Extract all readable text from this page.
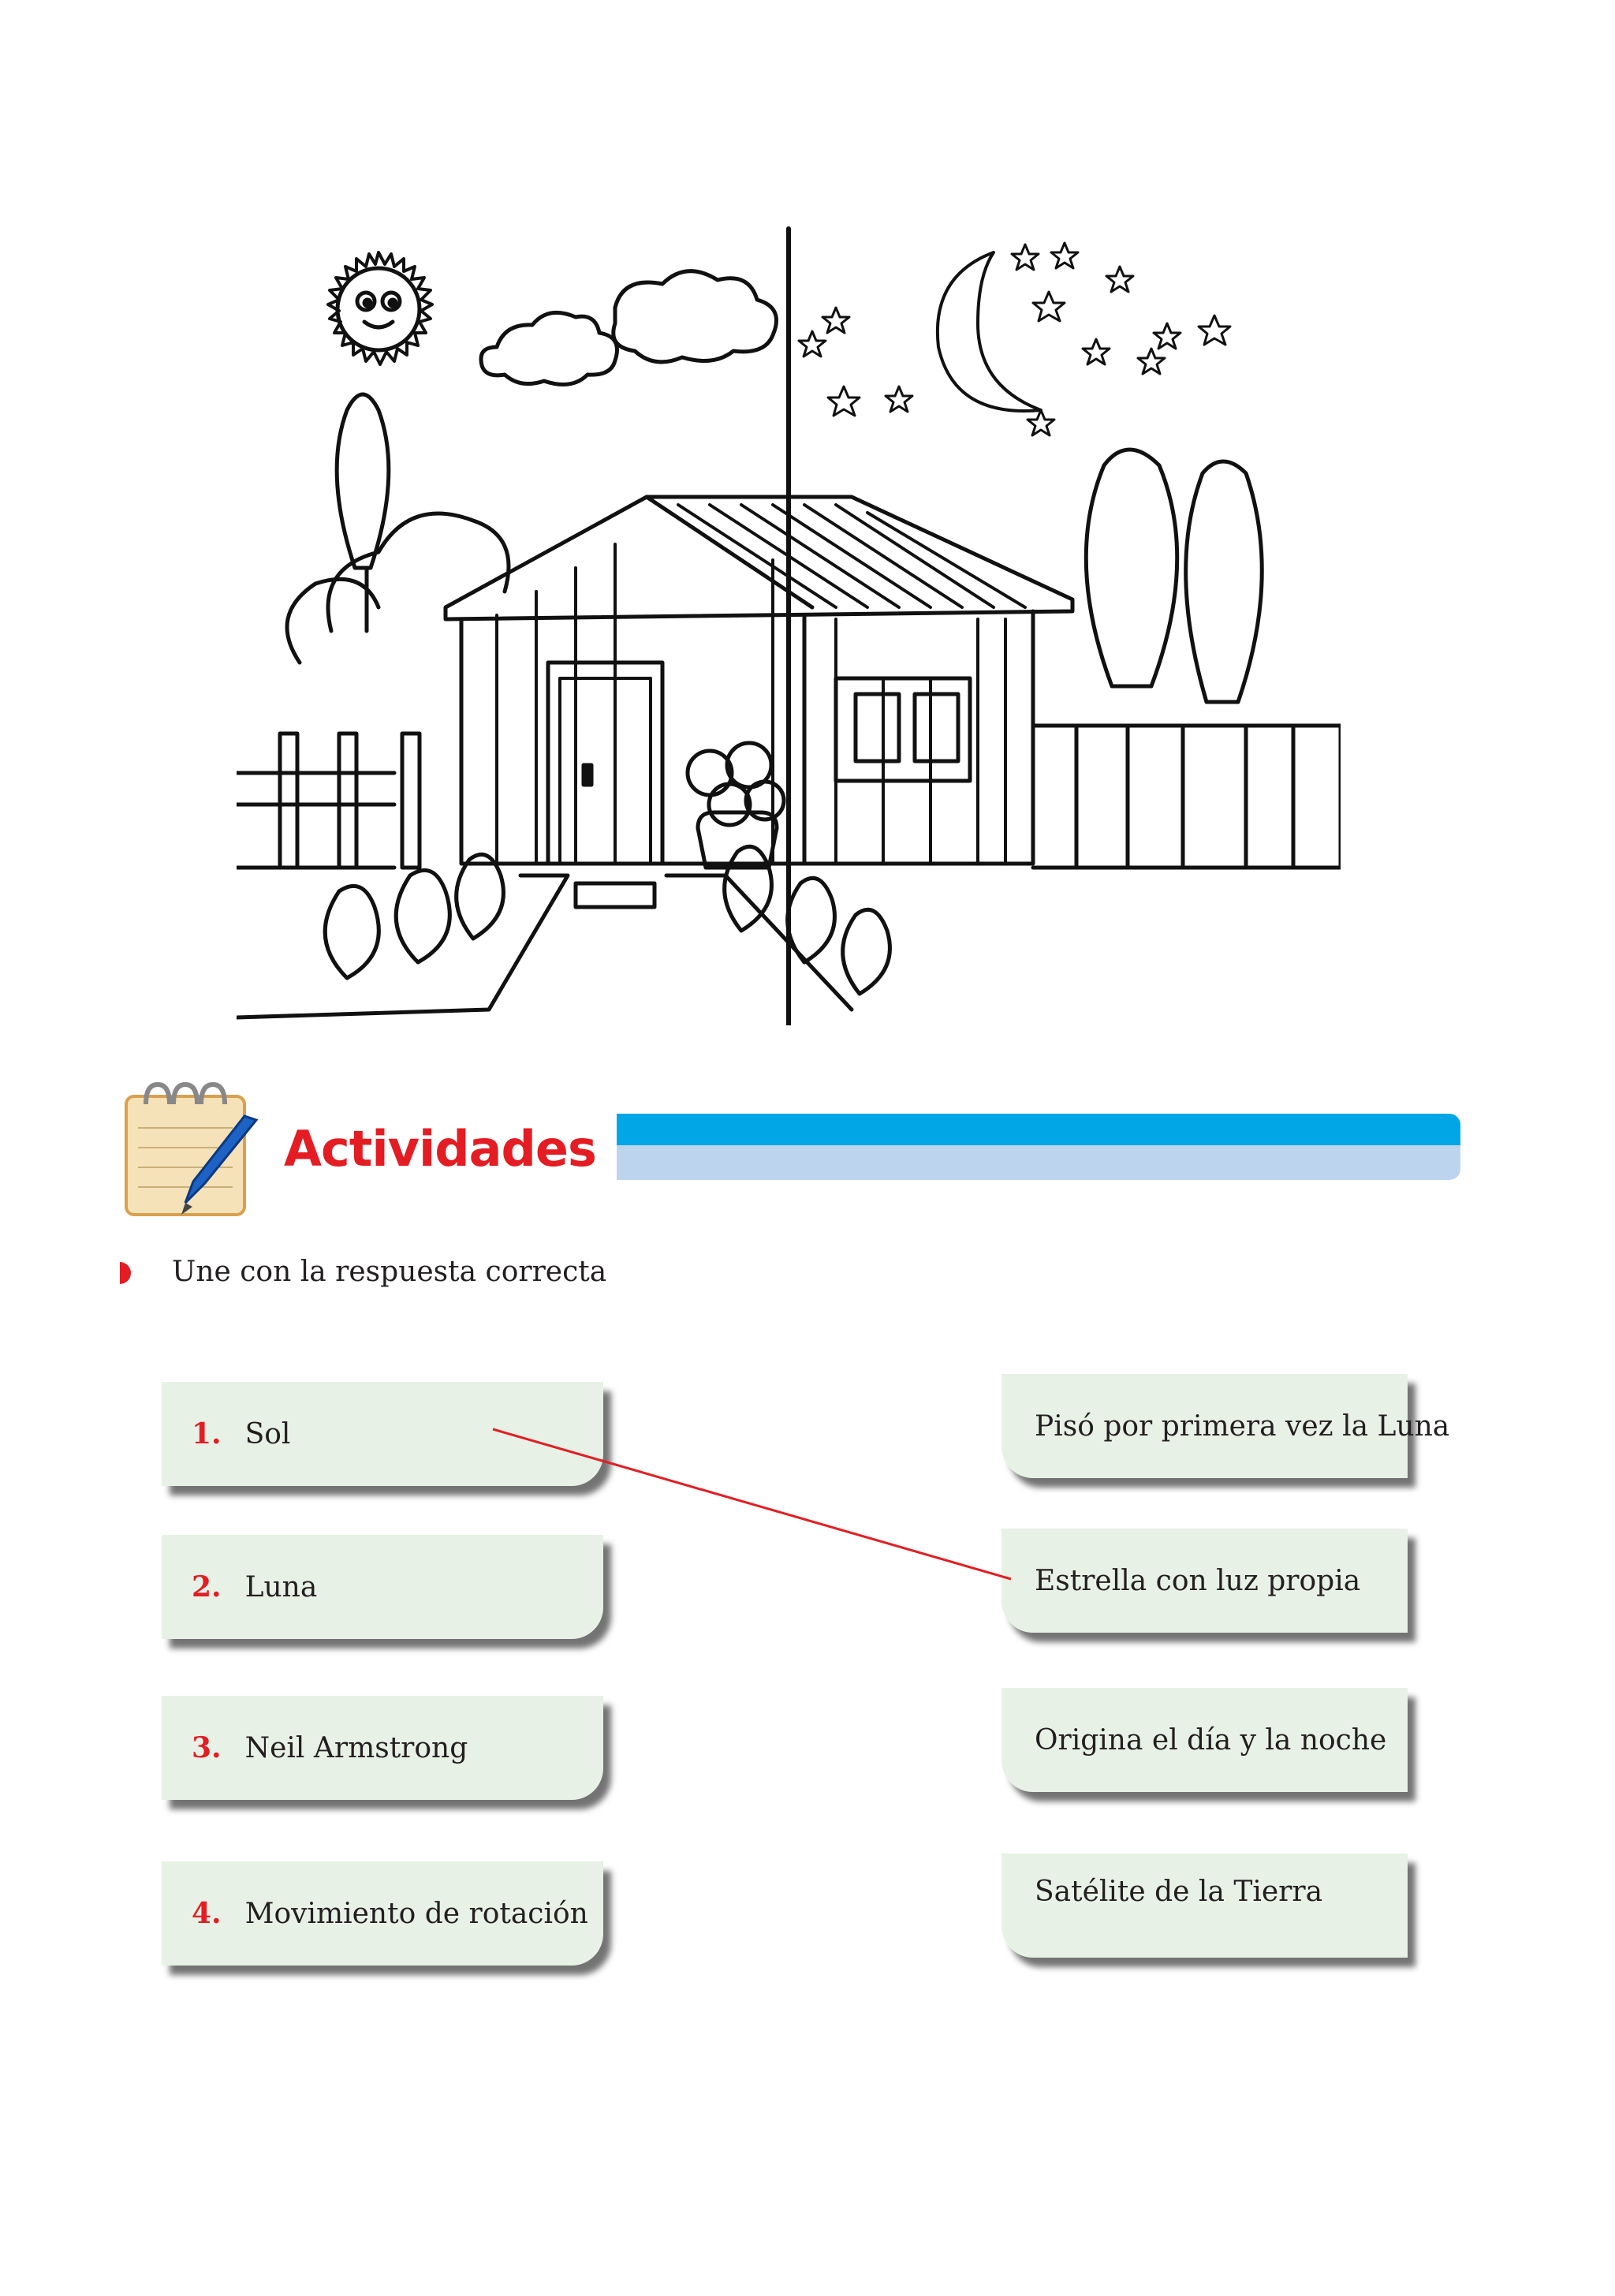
Actividades
Une con la respuesta correcta
1. Sol
2. Luna
3. Neil Armstrong
4. Movimiento de rotación
Pisó por primera vez la Luna
Estrella con luz propia
Origina el día y la noche
Satélite de la Tierra
